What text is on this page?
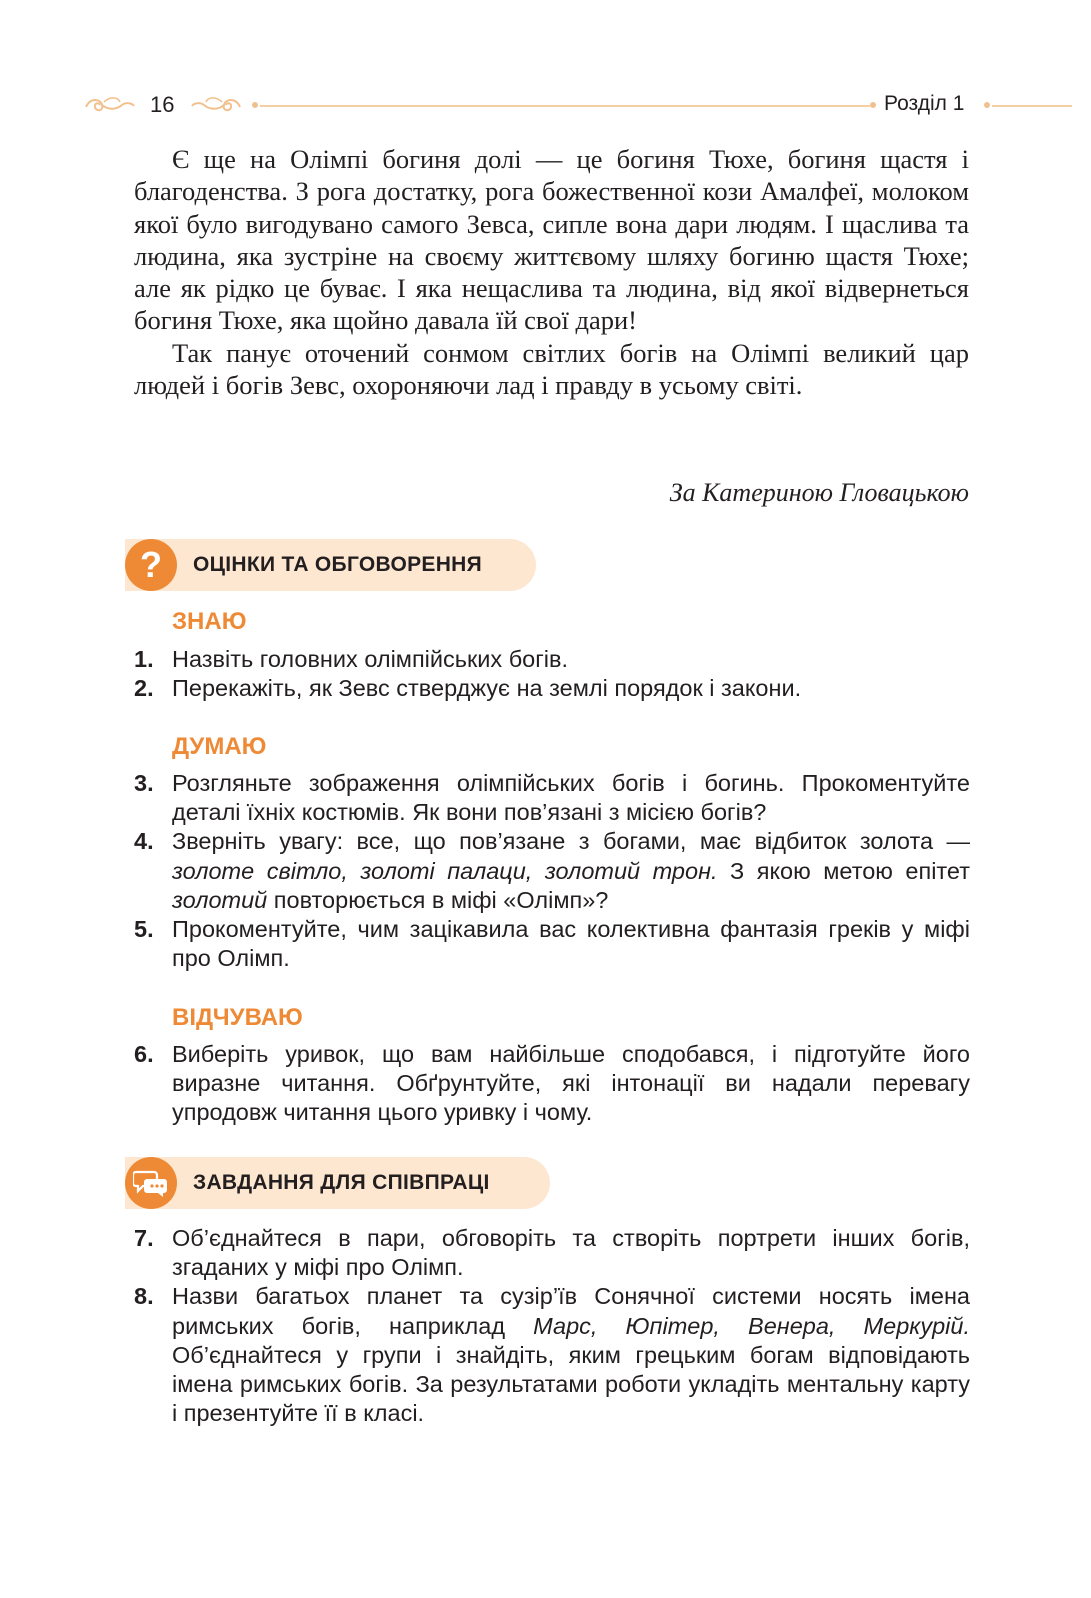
16	Розділ 1

Є ще на Олімпі богиня долі — це богиня Тюхе, богиня щастя і благоденства. З рога достатку, рога божественної кози Амалфеї, молоком якої було вигодувано самого Зевса, сипле вона дари людям. І щаслива та людина, яка зустріне на своєму життєвому шляху богиню щастя Тюхе; але як рідко це буває. І яка нещаслива та людина, від якої відвернеться богиня Тюхе, яка щойно давала їй свої дари!

Так панує оточений сонмом світлих богів на Олімпі великий цар людей і богів Зевс, охороняючи лад і правду в усьому світі.

За Катериною Гловацькою
?	ОЦІНКИ ТА ОБГОВОРЕННЯ
ЗНАЮ
1. Назвіть головних олімпійських богів.
2. Перекажіть, як Зевс стверджує на землі порядок і закони.
ДУМАЮ
3. Розгляньте зображення олімпійських богів і богинь. Прокоментуйте деталі їхніх костюмів. Як вони пов’язані з місією богів?
4. Зверніть увагу: все, що пов’язане з богами, має відбиток золота — золоте світло, золоті палаци, золотий трон. З якою метою епітет золотий повторюється в міфі «Олімп»?
5. Прокоментуйте, чим зацікавила вас колективна фантазія греків у міфі про Олімп.
ВІДЧУВАЮ
6. Виберіть уривок, що вам найбільше сподобався, і підготуйте його виразне читання. Обґрунтуйте, які інтонації ви надали перевагу упродовж читання цього уривку і чому.
ЗАВДАННЯ ДЛЯ СПІВПРАЦІ
7. Об’єднайтеся в пари, обговоріть та створіть портрети інших богів, згаданих у міфі про Олімп.
8. Назви багатьох планет та сузір’їв Сонячної системи носять імена римських богів, наприклад Марс, Юпітер, Венера, Меркурій. Об’єднайтеся у групи і знайдіть, яким грецьким богам відповідають імена римських богів. За результатами роботи укладіть ментальну карту і презентуйте її в класі.
